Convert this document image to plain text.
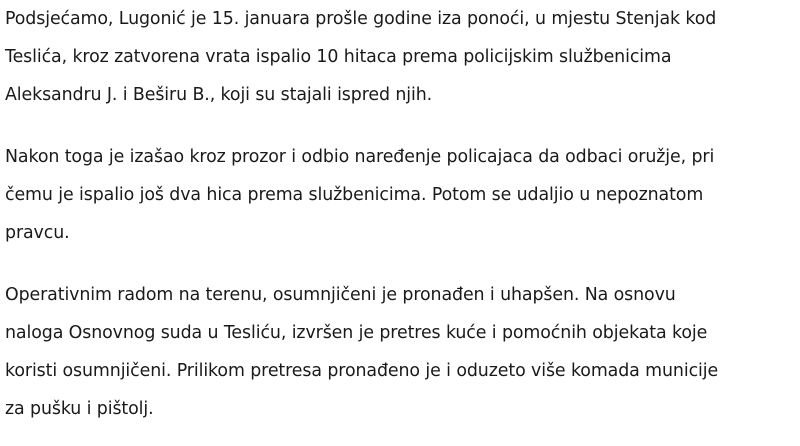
Podsjećamo, Lugonić je 15. januara prošle godine iza ponoći, u mjestu Stenjak kod
Teslića, kroz zatvorena vrata ispalio 10 hitaca prema policijskim službenicima
Aleksandru J. i Beširu B., koji su stajali ispred njih.

Nakon toga je izašao kroz prozor i odbio naređenje policajaca da odbaci oružje, pri
čemu je ispalio još dva hica prema službenicima. Potom se udaljio u nepoznatom
pravcu.

Operativnim radom na terenu, osumnjičeni je pronađen i uhapšen. Na osnovu
naloga Osnovnog suda u Tesliću, izvršen je pretres kuće i pomoćnih objekata koje
koristi osumnjičeni. Prilikom pretresa pronađeno je i oduzeto više komada municije
za pušku i pištolj.
